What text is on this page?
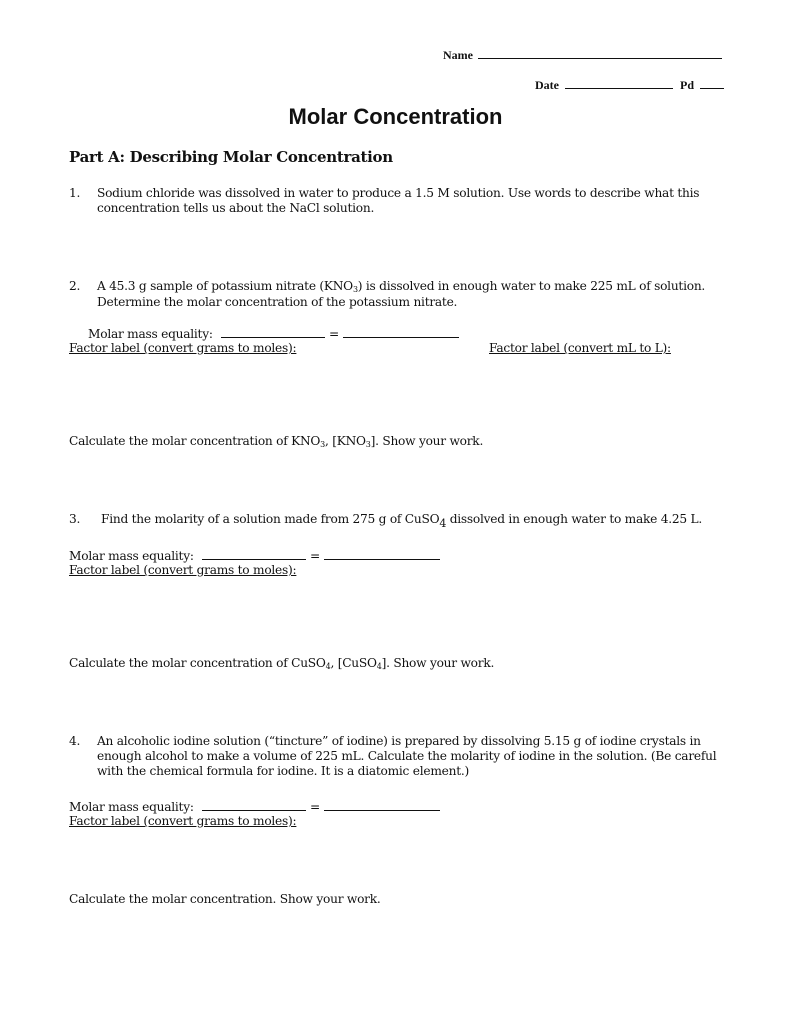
Name
Date	Pd
Molar Concentration
Part A: Describing Molar Concentration
1. Sodium chloride was dissolved in water to produce a 1.5 M solution. Use words to describe what this
concentration tells us about the NaCl solution.
2. A 45.3 g sample of potassium nitrate $(KNO_3)$ is dissolved in enough water to make 225 mL of solution.
Determine the molar concentration of the potassium nitrate.
Molar mass equality:	=
Factor label (convert grams to moles):	Factor label (convert mL to L):
Calculate the molar concentration of $KNO_3$, $[KNO_3]$. Show your work.
3. Find the molarity of a solution made from 275 g of CuSO$_4$ dissolved in enough water to make 4.25 L.
Molar mass equality:	=
Factor label (convert grams to moles):
Calculate the molar concentration of CuSO$_4$, [CuSO$_4$]. Show your work.
4. An alcoholic iodine solution (“tincture” of iodine) is prepared by dissolving 5.15 g of iodine crystals in
enough alcohol to make a volume of 225 mL. Calculate the molarity of iodine in the solution. (Be careful
with the chemical formula for iodine. It is a diatomic element.)
Molar mass equality:	=
Factor label (convert grams to moles):
Calculate the molar concentration. Show your work.
